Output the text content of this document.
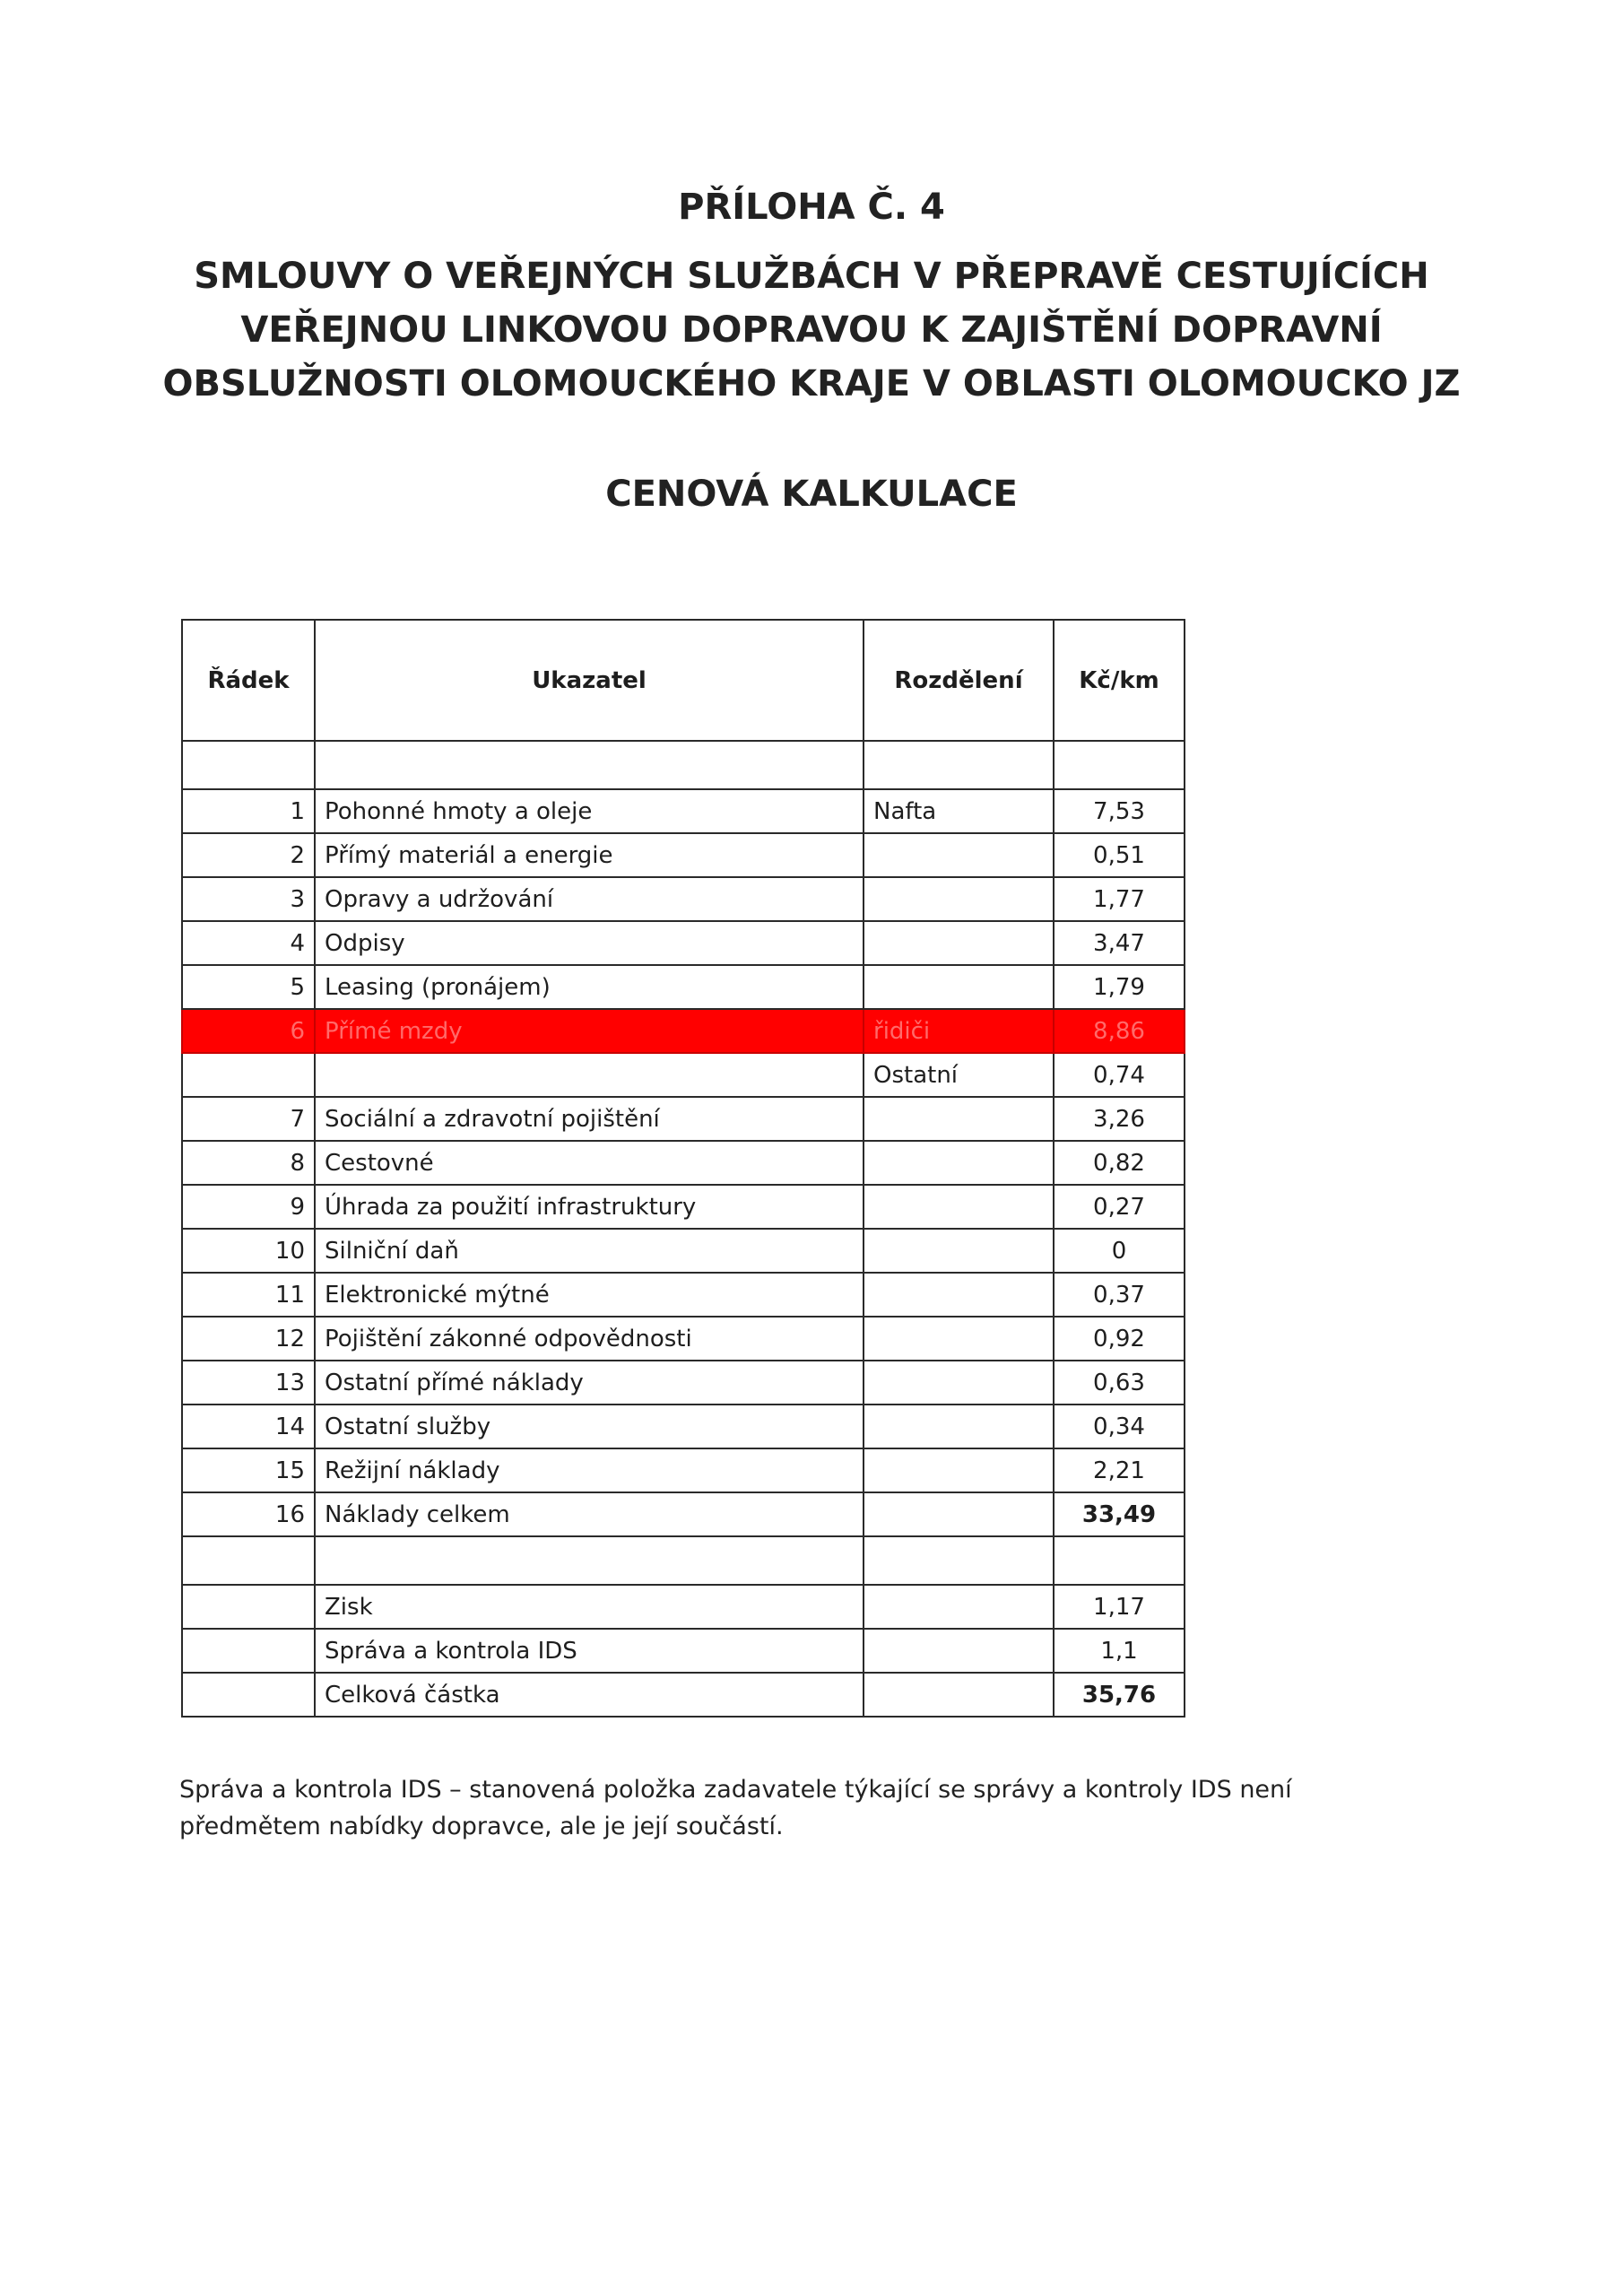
PŘÍLOHA Č. 4
SMLOUVY O VEŘEJNÝCH SLUŽBÁCH V PŘEPRAVĚ CESTUJÍCÍCH
VEŘEJNOU LINKOVOU DOPRAVOU K ZAJIŠTĚNÍ DOPRAVNÍ
OBSLUŽNOSTI OLOMOUCKÉHO KRAJE V OBLASTI OLOMOUCKO JZ
CENOVÁ KALKULACE
Řádek	Ukazatel	Rozdělení	Kč/km

1	Pohonné hmoty a oleje	Nafta	7,53
2	Přímý materiál a energie		0,51
3	Opravy a udržování		1,77
4	Odpisy		3,47
5	Leasing (pronájem)		1,79
6	Přímé mzdy	řidiči	8,86
		Ostatní	0,74
7	Sociální a zdravotní pojištění		3,26
8	Cestovné		0,82
9	Úhrada za použití infrastruktury		0,27
10	Silniční daň		0
11	Elektronické mýtné		0,37
12	Pojištění zákonné odpovědnosti		0,92
13	Ostatní přímé náklady		0,63
14	Ostatní služby		0,34
15	Režijní náklady		2,21
16	Náklady celkem		33,49

	Zisk		1,17
	Správa a kontrola IDS		1,1
	Celková částka		35,76
Správa a kontrola IDS – stanovená položka zadavatele týkající se správy a kontroly IDS není
předmětem nabídky dopravce, ale je její součástí.
